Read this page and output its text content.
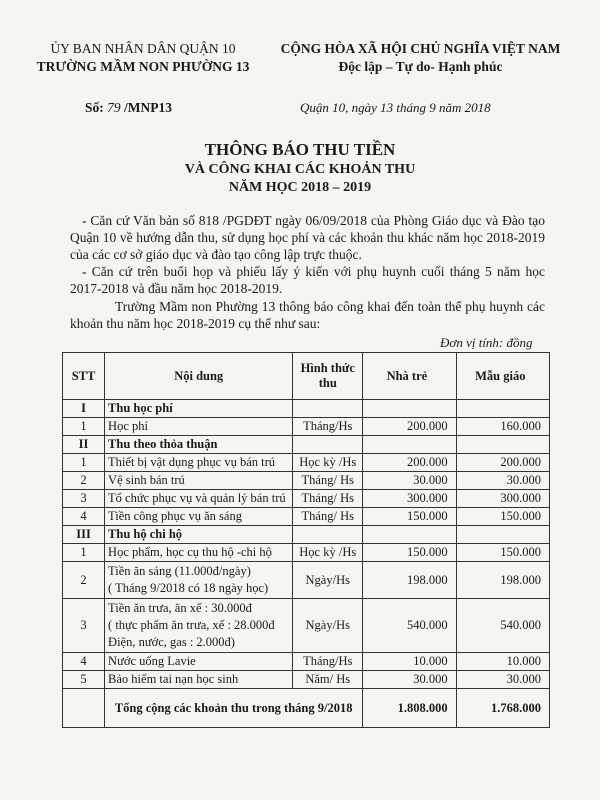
ỦY BAN NHÂN DÂN QUẬN 10
TRƯỜNG MẦM NON PHƯỜNG 13
CỘNG HÒA XÃ HỘI CHỦ NGHĨA VIỆT NAM
Độc lập – Tự do- Hạnh phúc
Số: 79 /MNP13	Quận 10, ngày 13 tháng 9 năm 2018
THÔNG BÁO THU TIỀN
VÀ CÔNG KHAI CÁC KHOẢN THU
NĂM HỌC 2018 – 2019
- Căn cứ Văn bản số 818 /PGDĐT ngày 06/09/2018 của Phòng Giáo dục và Đào tạo Quận 10 về hướng dẫn thu, sử dụng học phí và các khoản thu khác năm học 2018-2019 của các cơ sở giáo dục và đào tạo công lập trực thuộc.
- Căn cứ trên buổi họp và phiếu lấy ý kiến với phụ huynh cuối tháng 5 năm học 2017-2018 và đầu năm học 2018-2019.
Trường Mầm non Phường 13 thông báo công khai đến toàn thể phụ huynh các khoản thu năm học 2018-2019 cụ thể như sau:
Đơn vị tính: đồng
STT	Nội dung	Hình thức thu	Nhà trẻ	Mẫu giáo
I	Thu học phí			
1	Học phí	Tháng/Hs	200.000	160.000
II	Thu theo thỏa thuận			
1	Thiết bị vật dụng phục vụ bán trú	Học kỳ /Hs	200.000	200.000
2	Vệ sinh bán trú	Tháng/ Hs	30.000	30.000
3	Tổ chức phục vụ và quản lý bán trú	Tháng/ Hs	300.000	300.000
4	Tiền công phục vụ ăn sáng	Tháng/ Hs	150.000	150.000
III	Thu hộ chi hộ			
1	Học phẩm, học cụ thu hộ -chi hộ	Học kỳ /Hs	150.000	150.000
2	Tiền ăn sáng (11.000đ/ngày)
( Tháng 9/2018 có 18 ngày học)	Ngày/Hs	198.000	198.000
3	Tiền ăn trưa, ăn xế : 30.000đ
( thực phẩm ăn trưa, xế : 28.000đ
Điện, nước, gas : 2.000đ)	Ngày/Hs	540.000	540.000
4	Nước uống Lavie	Tháng/Hs	10.000	10.000
5	Bảo hiểm tai nạn học sinh	Năm/ Hs	30.000	30.000
	Tổng cộng các khoản thu trong tháng 9/2018		1.808.000	1.768.000
